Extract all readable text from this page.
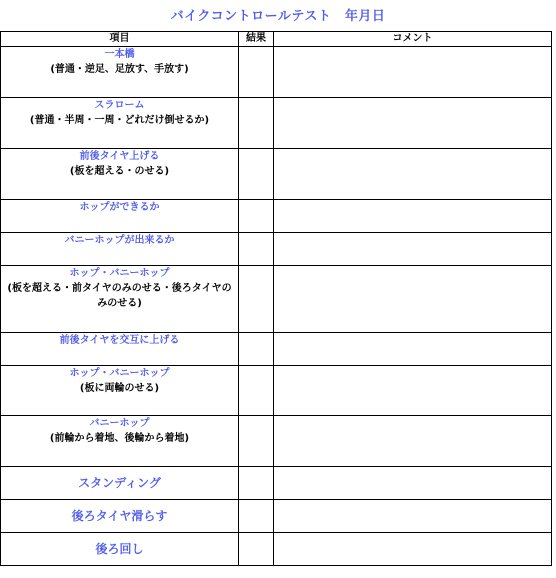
バイクコントロールテスト　年月日
項目	結果	コメント

一本橋
(普通・逆足、足放す、手放す)		

スラローム
(普通・半周・一周・どれだけ倒せるか)		

前後タイヤ上げる
(板を超える・のせる)		

ホップができるか		

バニーホップが出来るか		

ホップ・バニーホップ
(板を超える・前タイヤのみのせる・後ろタイヤのみのせる)		

前後タイヤを交互に上げる		

ホップ・バニーホップ
(板に両輪のせる)		

バニーホップ
(前輪から着地、後輪から着地)		

スタンディング		

後ろタイヤ滑らす		

後ろ回し		
